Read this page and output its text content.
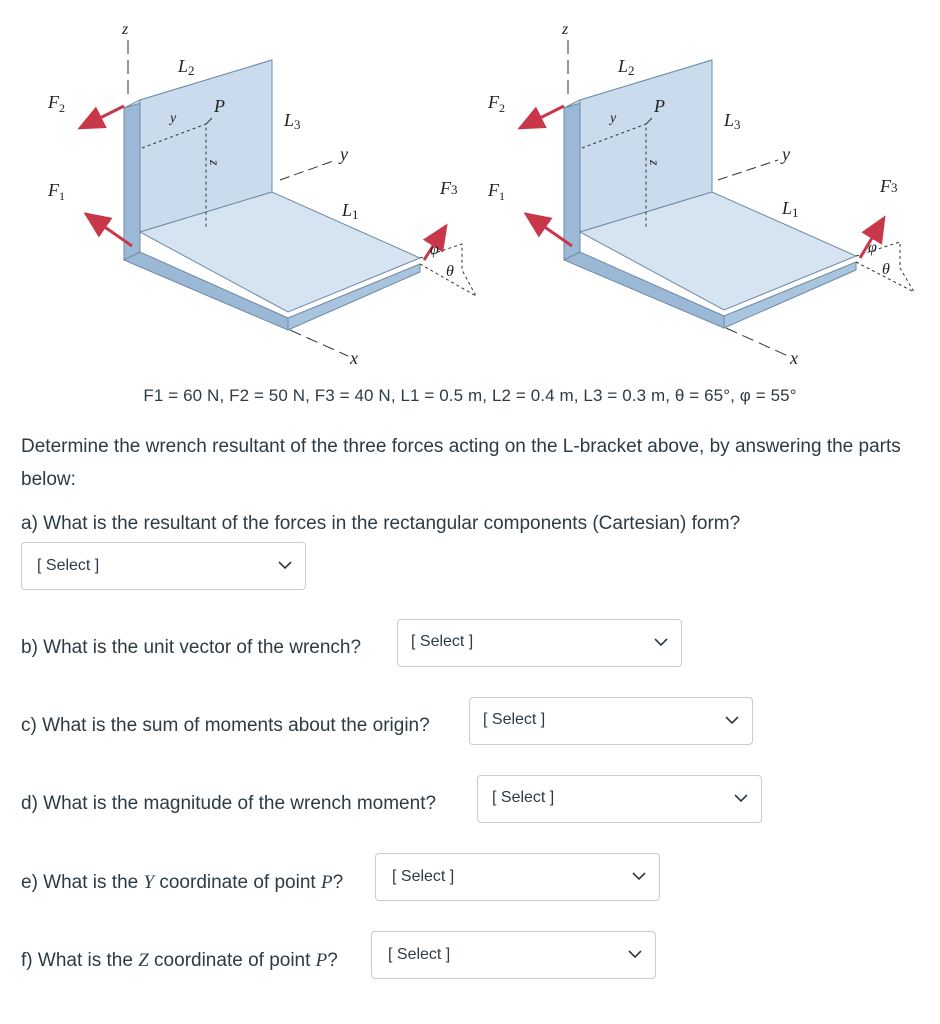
z
L2
$F_2$
y
P
z
L3
y
$F_1$
L1
F3
φ
θ
x
z
L2
$F_2$
y
P
z
L3
y
$F_1$
L1
F3
φ
θ
x
F1 = 60 N, F2 = 50 N, F3 = 40 N, L1 = 0.5 m, L2 = 0.4 m, L3 = 0.3 m, θ = 65°, φ = 55°
Determine the wrench resultant of the three forces acting on the L-bracket above, by answering the parts below:
a) What is the resultant of the forces in the rectangular components (Cartesian) form?
[ Select ]
b) What is the unit vector of the wrench?	[ Select ]
c) What is the sum of moments about the origin?	[ Select ]
d) What is the magnitude of the wrench moment?	[ Select ]
e) What is the Y coordinate of point P?	[ Select ]
f) What is the Z coordinate of point P?	[ Select ]
